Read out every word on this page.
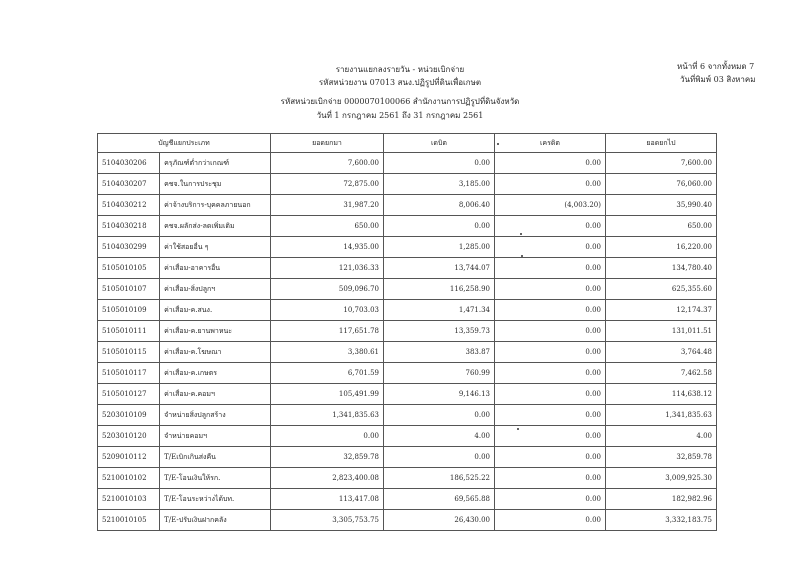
รายงานแยกลงรายวัน - หน่วยเบิกจ่าย
รหัสหน่วยงาน 07013 สนง.ปฏิรูปที่ดินเพื่อเกษต
รหัสหน่วยเบิกจ่าย 0000070100066 สำนักงานการปฏิรูปที่ดินจังหวัด
วันที่ 1 กรกฎาคม 2561 ถึง 31 กรกฎาคม 2561
หน้าที่ 6 จากทั้งหมด 7
วันที่พิมพ์ 03 สิงหาคม
บัญชีแยกประเภท		ยอดยกมา	เดบิต	เครดิต	ยอดยกไป
5104030206	ครุภัณฑ์ต่ำกว่าเกณฑ์	7,600.00	0.00	0.00	7,600.00
5104030207	คชจ.ในการประชุม	72,875.00	3,185.00	0.00	76,060.00
5104030212	ค่าจ้างบริการ-บุคคลภายนอก	31,987.20	8,006.40	(4,003.20)	35,990.40
5104030218	คชจ.ผลักส่ง-ลดเพิ่มเติม	650.00	0.00	0.00	650.00
5104030299	ค่าใช้สอยอื่น ๆ	14,935.00	1,285.00	0.00	16,220.00
5105010105	ค่าเสื่อม-อาคารอื่น	121,036.33	13,744.07	0.00	134,780.40
5105010107	ค่าเสื่อม-สิ่งปลูกฯ	509,096.70	116,258.90	0.00	625,355.60
5105010109	ค่าเสื่อม-ค.สนง.	10,703.03	1,471.34	0.00	12,174.37
5105010111	ค่าเสื่อม-ค.ยานพาหนะ	117,651.78	13,359.73	0.00	131,011.51
5105010115	ค่าเสื่อม-ค.โฆษณา	3,380.61	383.87	0.00	3,764.48
5105010117	ค่าเสื่อม-ค.เกษตร	6,701.59	760.99	0.00	7,462.58
5105010127	ค่าเสื่อม-ค.คอมฯ	105,491.99	9,146.13	0.00	114,638.12
5203010109	จำหน่ายสิ่งปลูกสร้าง	1,341,835.63	0.00	0.00	1,341,835.63
5203010120	จำหน่ายคอมฯ	0.00	4.00	0.00	4.00
5209010112	T/Eเบิกเกินส่งคืน	32,859.78	0.00	0.00	32,859.78
5210010102	T/E-โอนเงินให้รก.	2,823,400.08	186,525.22	0.00	3,009,925.30
5210010103	T/E-โอนระหว่างได้บท.	113,417.08	69,565.88	0.00	182,982.96
5210010105	T/E-ปรับเงินฝากคลัง	3,305,753.75	26,430.00	0.00	3,332,183.75
